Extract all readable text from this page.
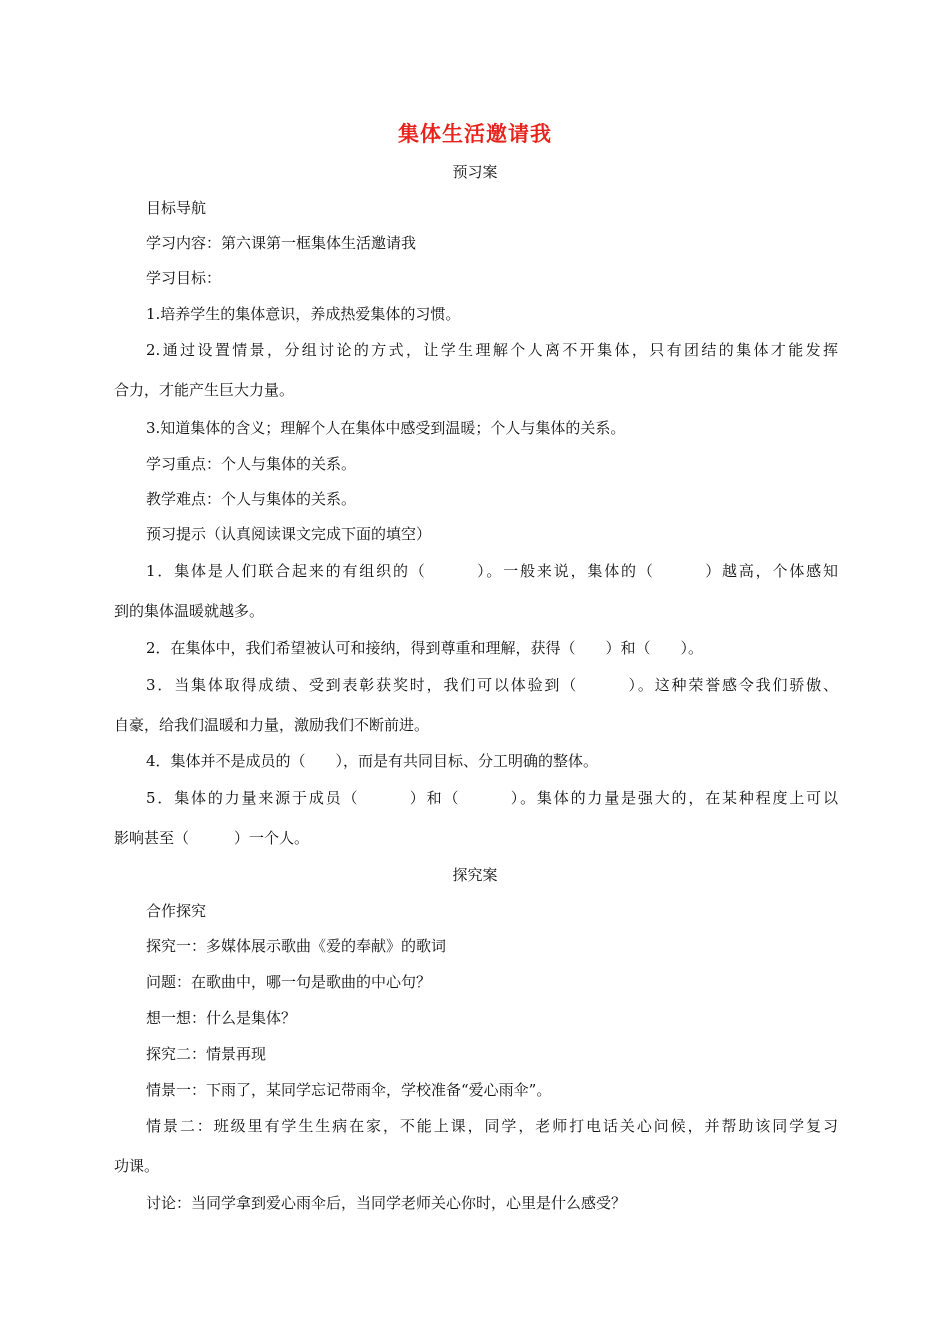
集体生活邀请我
预习案
目标导航
学习内容：第六课第一框集体生活邀请我
学习目标：
1.培养学生的集体意识，养成热爱集体的习惯。
2.通过设置情景，分组讨论的方式，让学生理解个人离不开集体，只有团结的集体才能发挥
合力，才能产生巨大力量。
3.知道集体的含义；理解个人在集体中感受到温暖；个人与集体的关系。
学习重点：个人与集体的关系。
教学难点：个人与集体的关系。
预习提示（认真阅读课文完成下面的填空）
1．集体是人们联合起来的有组织的（　　　）。一般来说，集体的（　　　）越高，个体感知
到的集体温暖就越多。
2．在集体中，我们希望被认可和接纳，得到尊重和理解，获得（　　）和（　　）。
3．当集体取得成绩、受到表彰获奖时，我们可以体验到（　　　）。这种荣誉感令我们骄傲、
自豪，给我们温暖和力量，激励我们不断前进。
4．集体并不是成员的（　　），而是有共同目标、分工明确的整体。
5．集体的力量来源于成员（　　　）和（　　　）。集体的力量是强大的，在某种程度上可以
影响甚至（　　　）一个人。
探究案
合作探究
探究一：多媒体展示歌曲《爱的奉献》的歌词
问题：在歌曲中，哪一句是歌曲的中心句？
想一想：什么是集体？
探究二：情景再现
情景一：下雨了，某同学忘记带雨伞，学校准备“爱心雨伞”。
情景二：班级里有学生生病在家，不能上课，同学，老师打电话关心问候，并帮助该同学复习
功课。
讨论：当同学拿到爱心雨伞后，当同学老师关心你时，心里是什么感受？
